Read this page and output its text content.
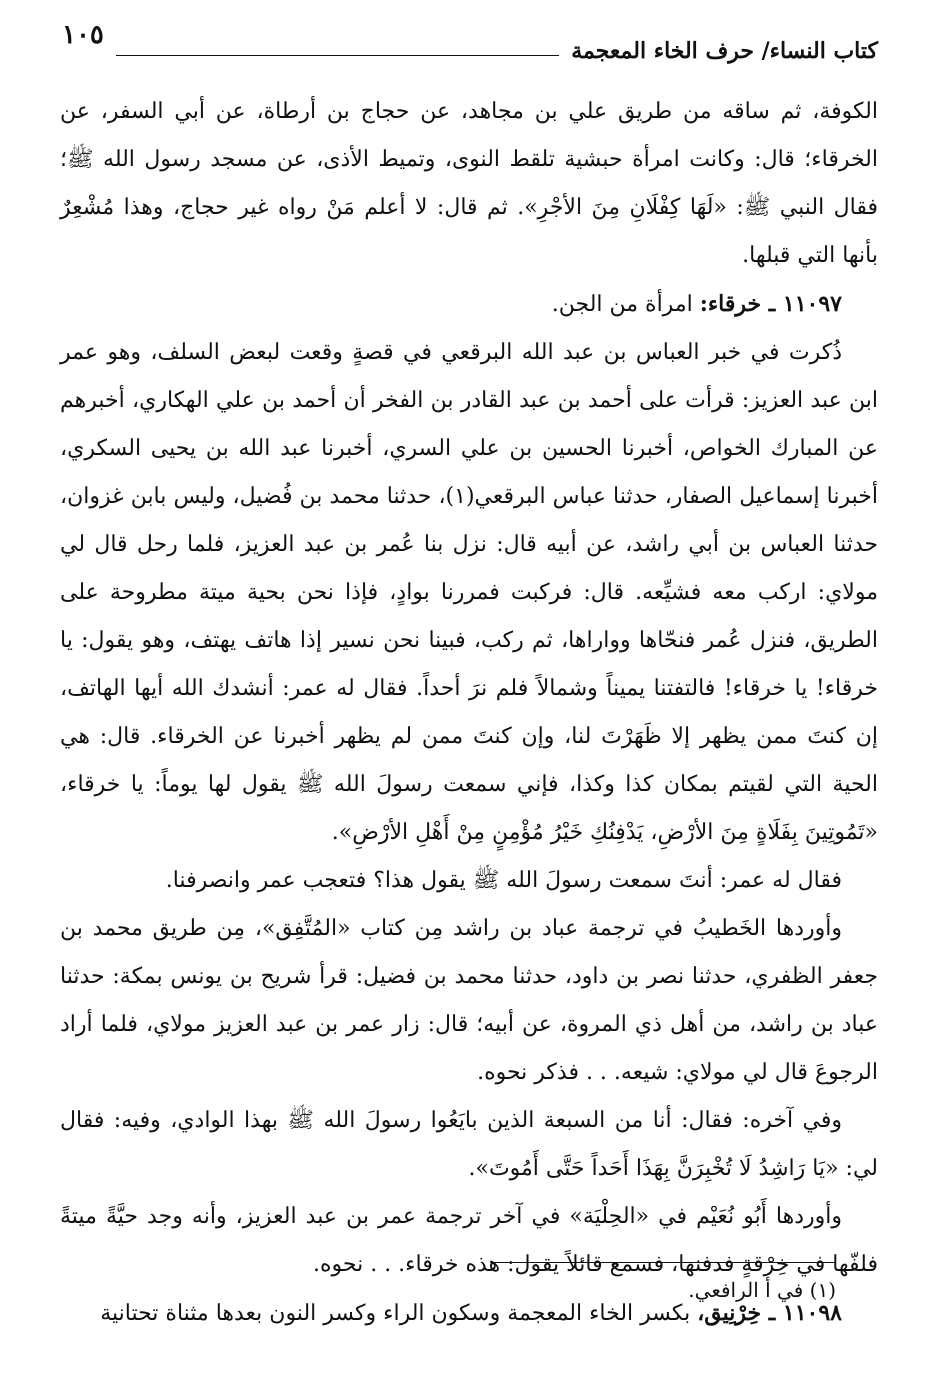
كتاب النساء/ حرف الخاء المعجمة
١٠٥

الكوفة، ثم ساقه من طريق علي بن مجاهد، عن حجاج بن أرطاة، عن أبي السفر، عن الخرقاء؛ قال: وكانت امرأة حبشية تلقط النوى، وتميط الأذى، عن مسجد رسول الله ﷺ؛ فقال النبي ﷺ: «لَهَا كِفْلَانِ مِنَ الأجْرِ». ثم قال: لا أعلم مَنْ رواه غير حجاج، وهذا مُشْعِرٌ بأنها التي قبلها.

١١٠٩٧ ـ خرقاء: امرأة من الجن.

ذُكرت في خبر العباس بن عبد الله البرقعي في قصةٍ وقعت لبعض السلف، وهو عمر ابن عبد العزيز: قرأت على أحمد بن عبد القادر بن الفخر أن أحمد بن علي الهكاري، أخبرهم عن المبارك الخواص، أخبرنا الحسين بن علي السري، أخبرنا عبد الله بن يحيى السكري، أخبرنا إسماعيل الصفار، حدثنا عباس البرقعي(١)، حدثنا محمد بن فُضيل، وليس بابن غزوان، حدثنا العباس بن أبي راشد، عن أبيه قال: نزل بنا عُمر بن عبد العزيز، فلما رحل قال لي مولاي: اركب معه فشيِّعه. قال: فركبت فمررنا بوادٍ، فإذا نحن بحية ميتة مطروحة على الطريق، فنزل عُمر فنحّاها وواراها، ثم ركب، فبينا نحن نسير إذا هاتف يهتف، وهو يقول: يا خرقاء! يا خرقاء! فالتفتنا يميناً وشمالاً فلم نرَ أحداً. فقال له عمر: أنشدك الله أيها الهاتف، إن كنتَ ممن يظهر إلا ظَهَرْتَ لنا، وإن كنتَ ممن لم يظهر أخبرنا عن الخرقاء. قال: هي الحية التي لقيتم بمكان كذا وكذا، فإني سمعت رسولَ الله ﷺ يقول لها يوماً: يا خرقاء، «تَمُوتِينَ بِفَلَاةٍ مِنَ الأرْضِ، يَدْفِنُكِ خَيْرُ مُؤْمِنٍ مِنْ أَهْلِ الأرْضِ».

فقال له عمر: أنتَ سمعت رسولَ الله ﷺ يقول هذا؟ فتعجب عمر وانصرفنا.

وأوردها الخَطيبُ في ترجمة عباد بن راشد مِن كتاب «المُتَّفِق»، مِن طريق محمد بن جعفر الظفري، حدثنا نصر بن داود، حدثنا محمد بن فضيل: قرأ شريح بن يونس بمكة: حدثنا عباد بن راشد، من أهل ذي المروة، عن أبيه؛ قال: زار عمر بن عبد العزيز مولاي، فلما أراد الرجوعَ قال لي مولاي: شيعه. . . فذكر نحوه.

وفي آخره: فقال: أنا من السبعة الذين بايَعُوا رسولَ الله ﷺ بهذا الوادي، وفيه: فقال لي: «يَا رَاشِدُ لَا تُخْبِرَنَّ بِهَذَا أَحَداً حَتَّى أَمُوتَ».

وأوردها أَبُو نُعَيْم في «الحِلْيَة» في آخر ترجمة عمر بن عبد العزيز، وأنه وجد حيَّةً ميتةً فلفّها في خِرْقةٍ فدفنها، فسمع قائلاً يقول: هذه خرقاء. . . نحوه.

١١٠٩٨ ـ خِرْنِيق، بكسر الخاء المعجمة وسكون الراء وكسر النون بعدها مثناة تحتانية

(١) في أ الرافعي.
